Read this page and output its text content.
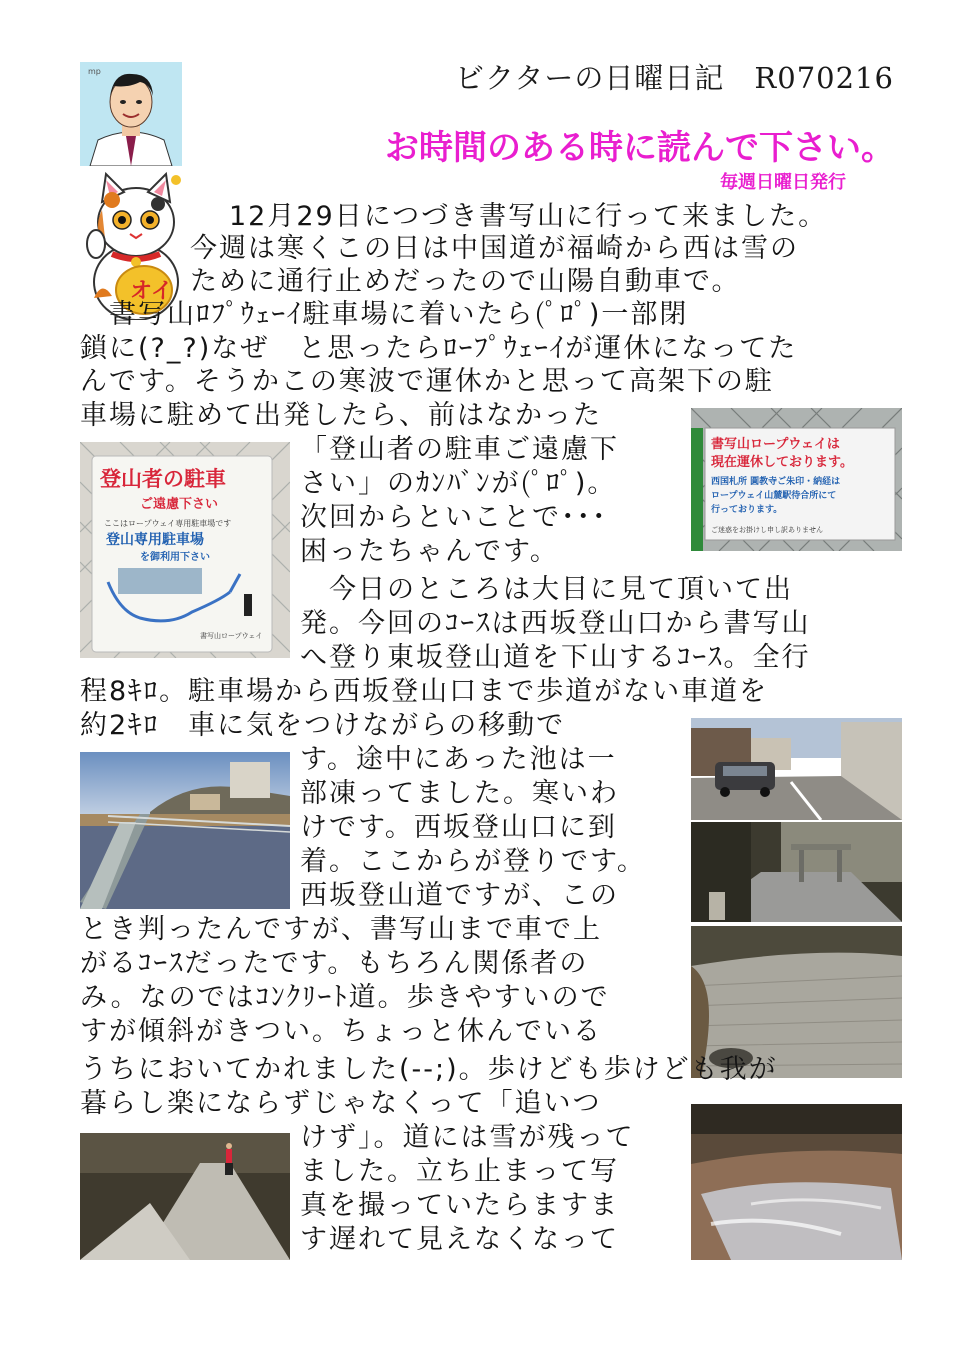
ビクターの日曜日記　R070216
お時間のある時に読んで下さい。
毎週日曜日発行
mp
オイ
登山者の駐車
ご遠慮下さい
ここはロープウェイ専用駐車場です
登山専用駐車場
を御利用下さい
書写山ロープウェイ
書写山ロープウェイは
現在運休しております。
西国札所 圓教寺ご朱印・納経は
ロープウェイ山麓駅待合所にて
行っております。
ご迷惑をお掛けし申し訳ありません
　12月29日につづき書写山に行って来ました。
今週は寒くこの日は中国道が福崎から西は雪の
ために通行止めだったので山陽自動車で。
　書写山ﾛﾌﾟｳｪｰｲ駐車場に着いたら(ﾟﾛﾟ)一部閉
鎖に(?_?)なぜ　と思ったらﾛｰﾌﾟｳｪｰｲが運休になってた
んです。そうかこの寒波で運休かと思って高架下の駐
車場に駐めて出発したら、前はなかった
「登山者の駐車ご遠慮下
さい」のｶﾝﾊﾞﾝが(ﾟﾛﾟ)。
次回からといことで･･･
困ったちゃんです。
　今日のところは大目に見て頂いて出
発。今回のｺｰｽは西坂登山口から書写山
へ登り東坂登山道を下山するｺｰｽ。全行
程8ｷﾛ。駐車場から西坂登山口まで歩道がない車道を
約2ｷﾛ　車に気をつけながらの移動で
す。途中にあった池は一
部凍ってました。寒いわ
けです。西坂登山口に到
着。ここからが登りです。
西坂登山道ですが、この
とき判ったんですが、書写山まで車で上
がるｺｰｽだったです。もちろん関係者の
み。なのではｺﾝｸﾘｰﾄ道。歩きやすいので
すが傾斜がきつい。ちょっと休んでいる
うちにおいてかれました(--;)。歩けども歩けども我が
暮らし楽にならずじゃなくって「追いつ
けず」。道には雪が残って
ました。立ち止まって写
真を撮っていたらますま
す遅れて見えなくなって
